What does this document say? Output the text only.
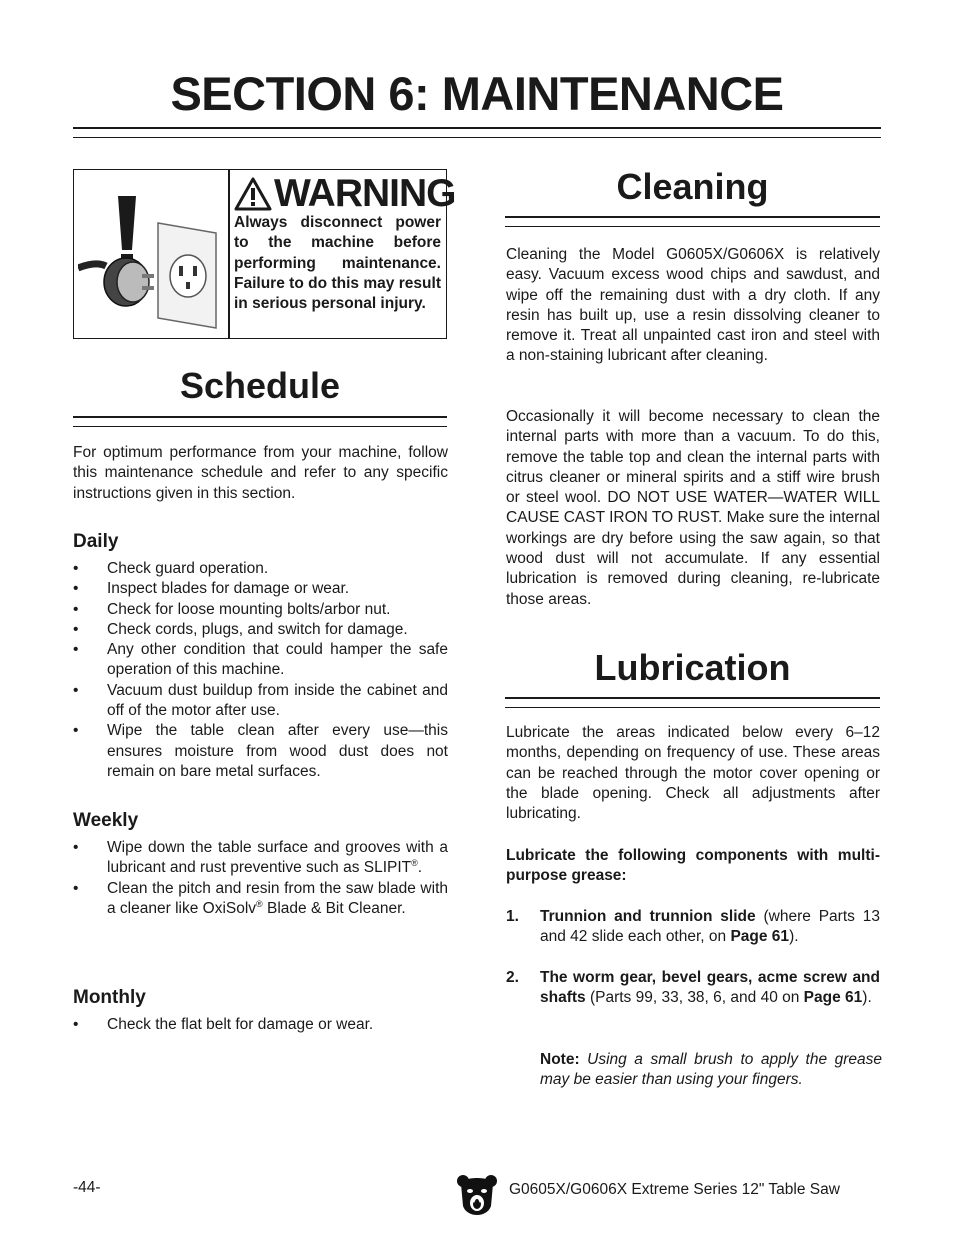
SECTION 6: MAINTENANCE
WARNING
Always disconnect power to the machine before performing maintenance. Failure to do this may result in serious personal injury.
Schedule
For optimum performance from your machine, follow this maintenance schedule and refer to any specific instructions given in this section.
Daily
• Check guard operation.
• Inspect blades for damage or wear.
• Check for loose mounting bolts/arbor nut.
• Check cords, plugs, and switch for damage.
• Any other condition that could hamper the safe operation of this machine.
• Vacuum dust buildup from inside the cabinet and off of the motor after use.
• Wipe the table clean after every use—this ensures moisture from wood dust does not remain on bare metal surfaces.
Weekly
• Wipe down the table surface and grooves with a lubricant and rust preventive such as SLIPIT®.
• Clean the pitch and resin from the saw blade with a cleaner like OxiSolv® Blade & Bit Cleaner.
Monthly
• Check the flat belt for damage or wear.
Cleaning
Cleaning the Model G0605X/G0606X is relatively easy. Vacuum excess wood chips and sawdust, and wipe off the remaining dust with a dry cloth. If any resin has built up, use a resin dissolving cleaner to remove it. Treat all unpainted cast iron and steel with a non-staining lubricant after cleaning.
Occasionally it will become necessary to clean the internal parts with more than a vacuum. To do this, remove the table top and clean the internal parts with citrus cleaner or mineral spirits and a stiff wire brush or steel wool. DO NOT USE WATER—WATER WILL CAUSE CAST IRON TO RUST. Make sure the internal workings are dry before using the saw again, so that wood dust will not accumulate. If any essential lubrication is removed during cleaning, re-lubricate those areas.
Lubrication
Lubricate the areas indicated below every 6–12 months, depending on frequency of use. These areas can be reached through the motor cover opening or the blade opening. Check all adjustments after lubricating.
Lubricate the following components with multi-purpose grease:
1.	Trunnion and trunnion slide (where Parts 13 and 42 slide each other, on Page 61).
2.	The worm gear, bevel gears, acme screw and shafts (Parts 99, 33, 38, 6, and 40 on Page 61).
Note: Using a small brush to apply the grease may be easier than using your fingers.
-44-	G0605X/G0606X Extreme Series 12" Table Saw
